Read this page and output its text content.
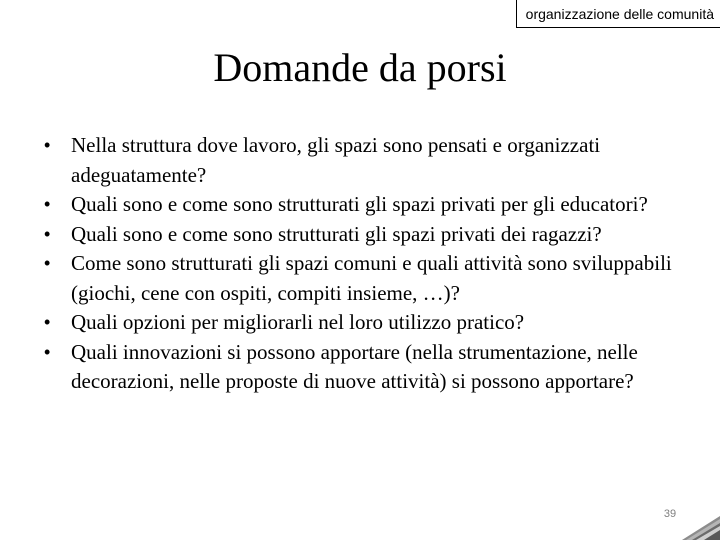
organizzazione delle comunità
Domande da porsi
• Nella struttura dove lavoro, gli spazi sono pensati e organizzati adeguatamente?
• Quali sono e come sono strutturati gli spazi privati per gli educatori?
• Quali sono e come sono strutturati gli spazi privati dei ragazzi?
• Come sono strutturati gli spazi comuni e quali attività sono sviluppabili (giochi, cene con ospiti, compiti insieme, …)?
• Quali opzioni per migliorarli nel loro utilizzo pratico?
• Quali innovazioni si possono apportare (nella strumentazione, nelle decorazioni, nelle proposte di nuove attività) si possono apportare?
39
